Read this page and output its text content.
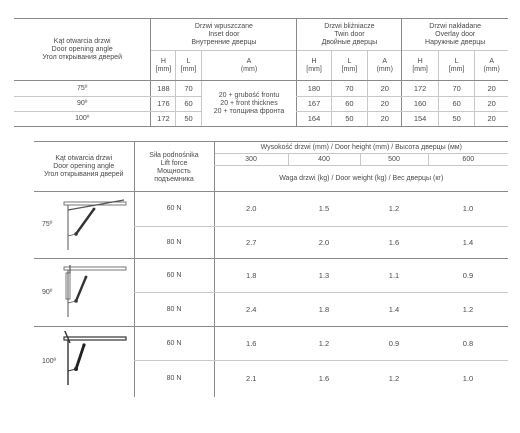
Kąt otwarcia drzwi
Door opening angle
Угол открывания дверей	Drzwi wpuszczane
Inset door
Внутренние дверцы			Drzwi bliźniacze
Twin door
Двойные дверцы			Drzwi nakładane
Overlay door
Наружные дверцы		

	H
[mm]	L
[mm]	A
(mm)	H
[mm]	L
[mm]	A
(mm)	H
[mm]	L
[mm]	A
(mm)

75º	188	70	20 + grubość frontu
20 + front thicknes
20 + толщина фронта	180	70	20	172	70	20
90º	176	60		167	60	20	160	60	20
100º	172	50		164	50	20	154	50	20
Kąt otwarcia drzwi
Door opening angle
Угол открывания дверей	Siła podnośnika
Lift force
Мощность
подъемника	Wysokość drzwi (mm) / Door height (mm) / Высота дверцы (мм)			
		300	400	500	600
		Waga drzwi (kg) / Door weight (kg) / Вес дверцы (кг)			
75º	60 N	2.0	1.5	1.2	1.0
	80 N	2.7	2.0	1.6	1.4
90º	60 N	1.8	1.3	1.1	0.9
	80 N	2.4	1.8	1.4	1.2
100º	60 N	1.6	1.2	0.9	0.8
	80 N	2.1	1.6	1.2	1.0
